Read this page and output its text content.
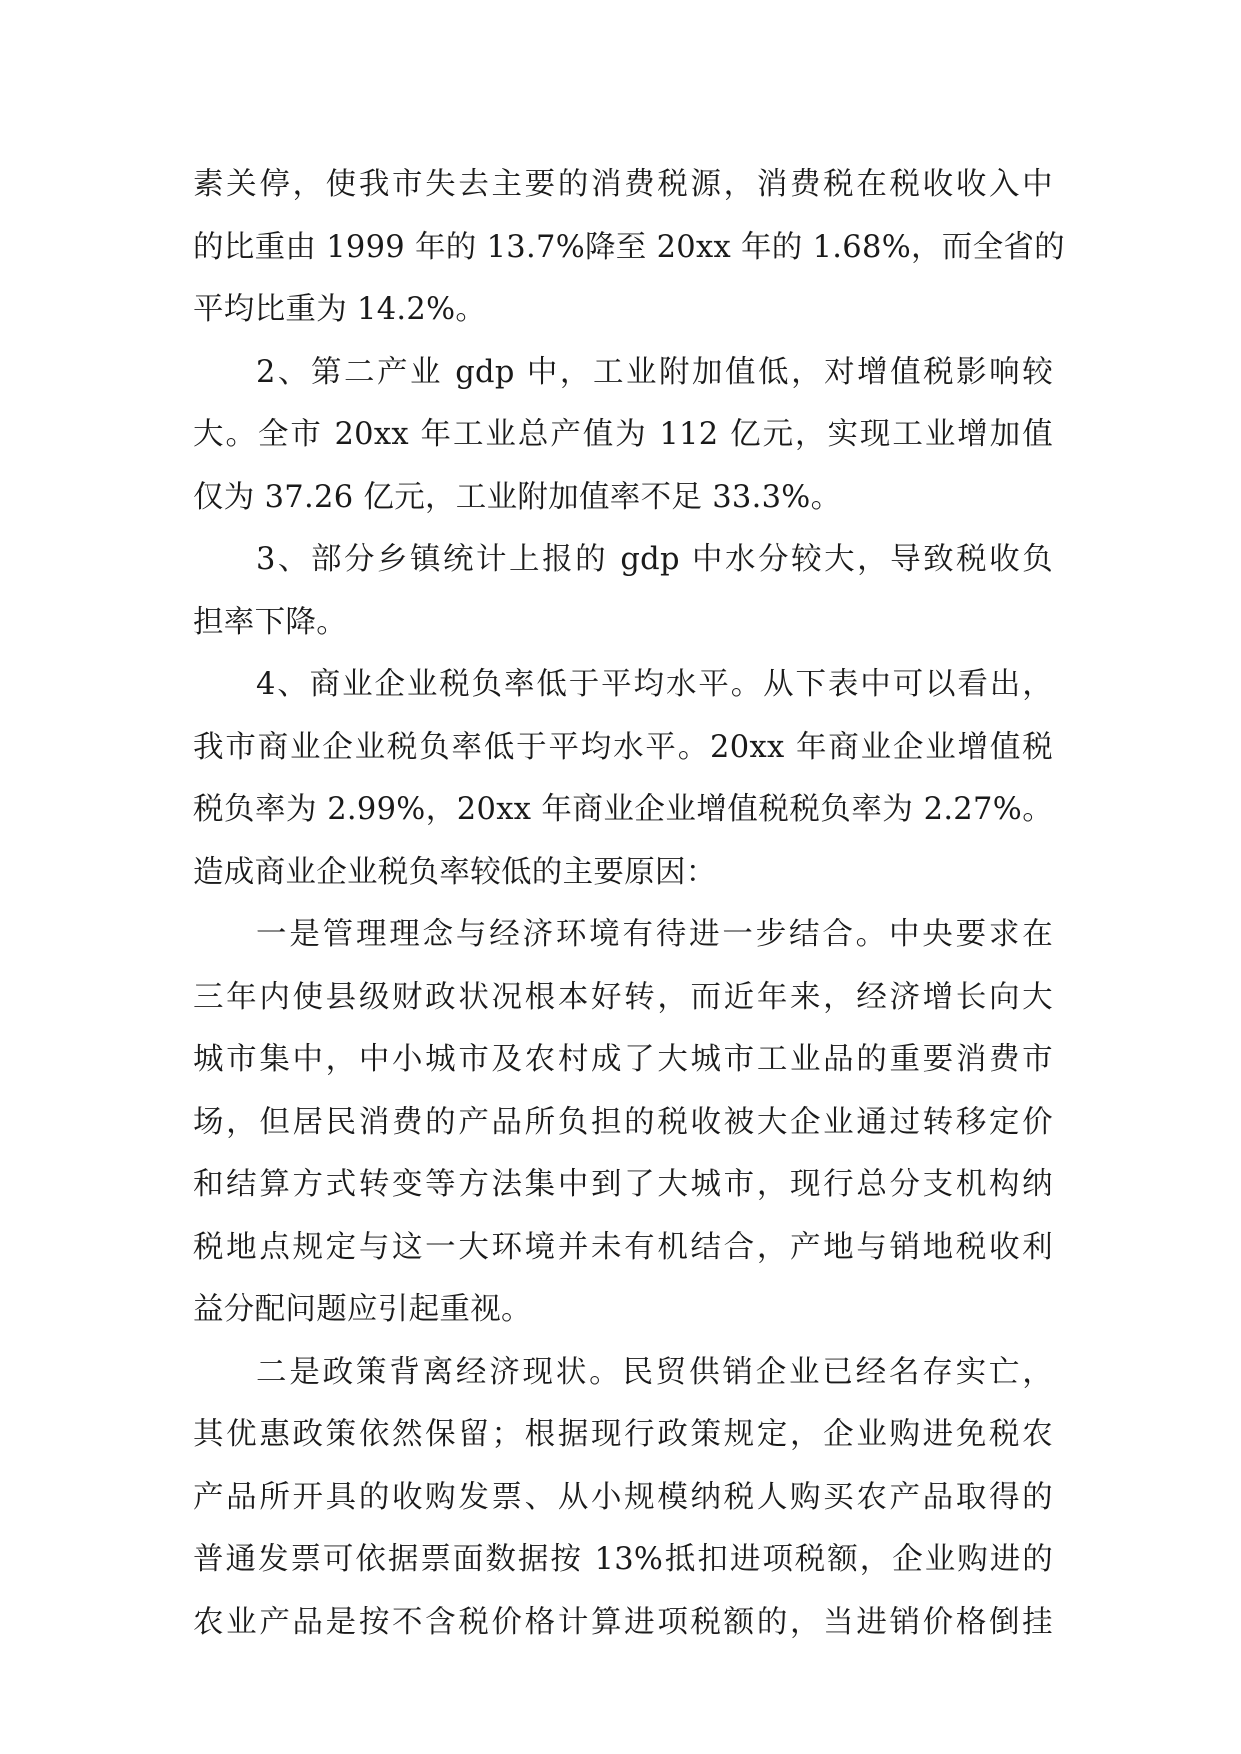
素关停，使我市失去主要的消费税源，消费税在税收收入中
的比重由 1999 年的 13.7%降至 20xx 年的 1.68%，而全省的
平均比重为 14.2%。
2、第二产业 gdp 中，工业附加值低，对增值税影响较
大。全市 20xx 年工业总产值为 112 亿元，实现工业增加值
仅为 37.26 亿元，工业附加值率不足 33.3%。
3、部分乡镇统计上报的 gdp 中水分较大，导致税收负
担率下降。
4、商业企业税负率低于平均水平。从下表中可以看出，
我市商业企业税负率低于平均水平。20xx 年商业企业增值税
税负率为 2.99%，20xx 年商业企业增值税税负率为 2.27%。
造成商业企业税负率较低的主要原因：
一是管理理念与经济环境有待进一步结合。中央要求在
三年内使县级财政状况根本好转，而近年来，经济增长向大
城市集中，中小城市及农村成了大城市工业品的重要消费市
场，但居民消费的产品所负担的税收被大企业通过转移定价
和结算方式转变等方法集中到了大城市，现行总分支机构纳
税地点规定与这一大环境并未有机结合，产地与销地税收利
益分配问题应引起重视。
二是政策背离经济现状。民贸供销企业已经名存实亡，
其优惠政策依然保留；根据现行政策规定，企业购进免税农
产品所开具的收购发票、从小规模纳税人购买农产品取得的
普通发票可依据票面数据按 13%抵扣进项税额，企业购进的
农业产品是按不含税价格计算进项税额的，当进销价格倒挂
